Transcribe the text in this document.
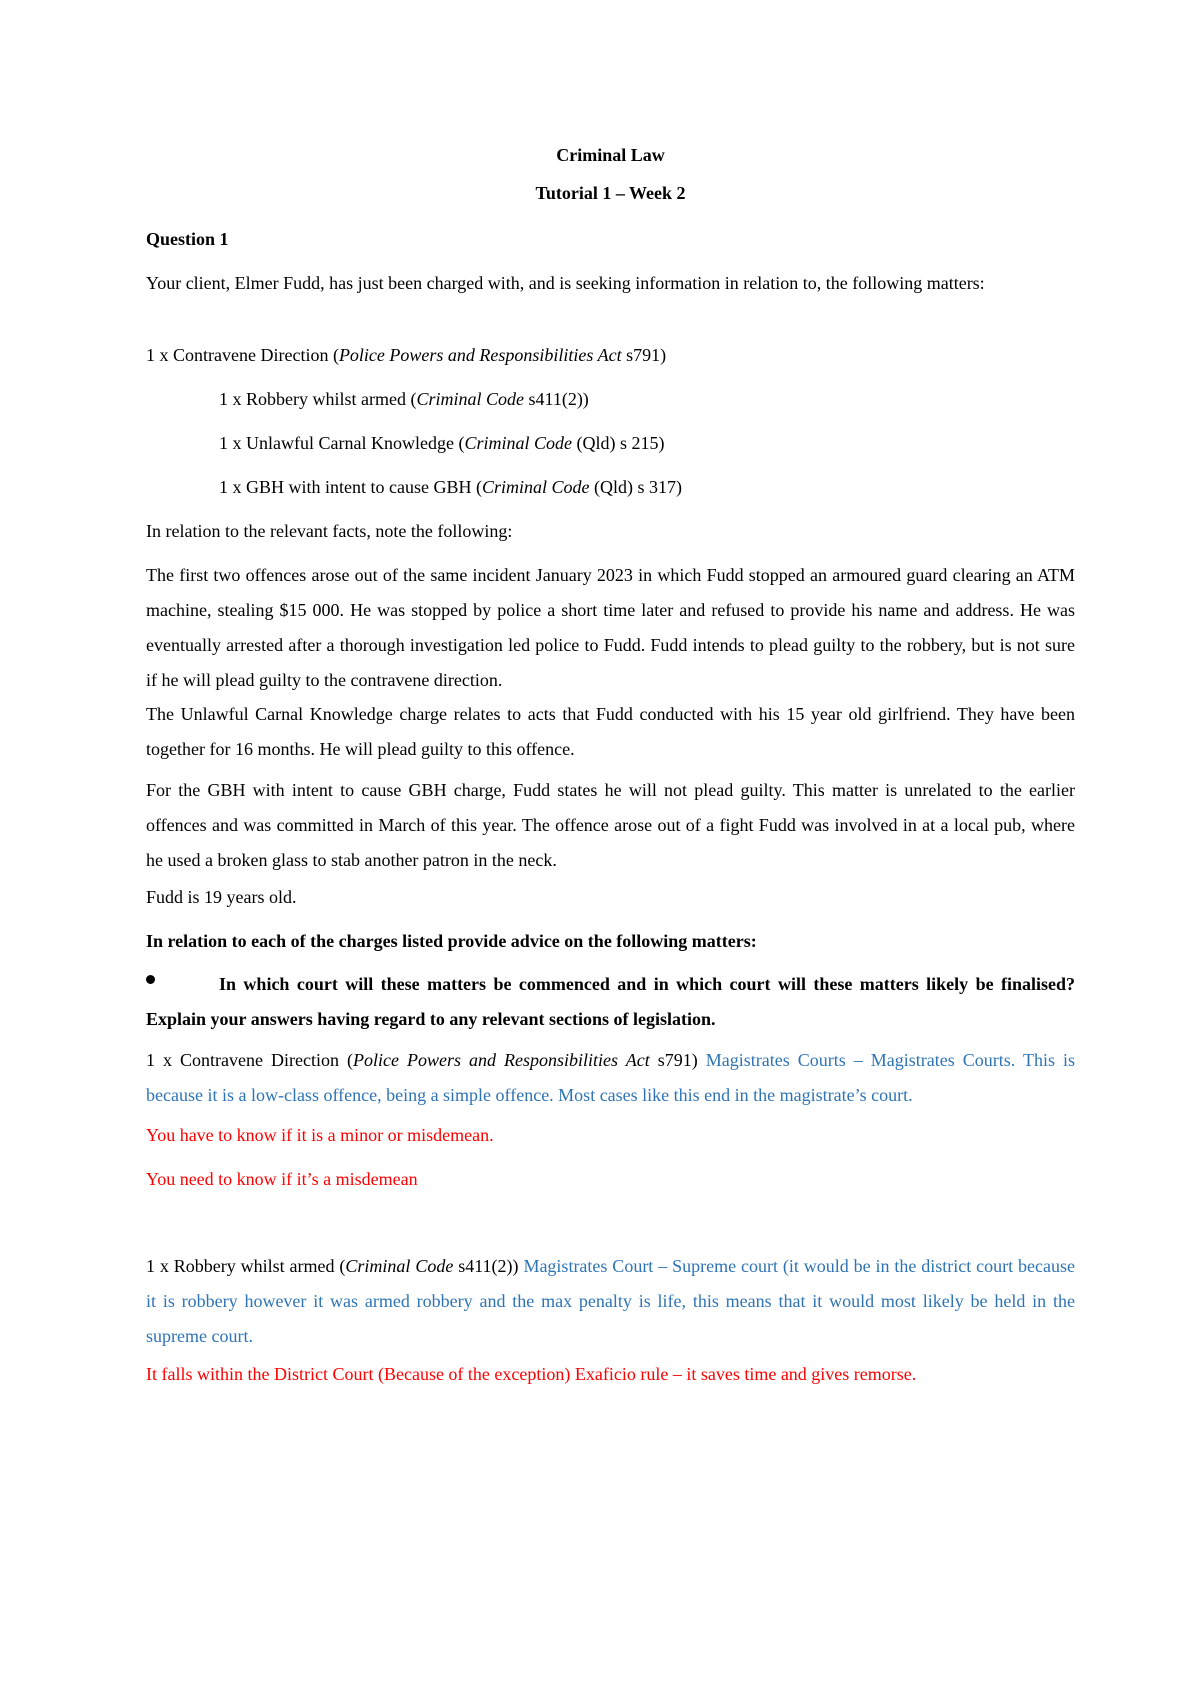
Criminal Law

Tutorial 1 – Week 2

Question 1

Your client, Elmer Fudd, has just been charged with, and is seeking information in relation to, the following matters:

1 x Contravene Direction (Police Powers and Responsibilities Act s791)

1 x Robbery whilst armed (Criminal Code s411(2))

1 x Unlawful Carnal Knowledge (Criminal Code (Qld) s 215)

1 x GBH with intent to cause GBH (Criminal Code (Qld) s 317)

In relation to the relevant facts, note the following:

The first two offences arose out of the same incident January 2023 in which Fudd stopped an armoured guard clearing an ATM machine, stealing $15 000. He was stopped by police a short time later and refused to provide his name and address. He was eventually arrested after a thorough investigation led police to Fudd. Fudd intends to plead guilty to the robbery, but is not sure if he will plead guilty to the contravene direction.

The Unlawful Carnal Knowledge charge relates to acts that Fudd conducted with his 15 year old girlfriend. They have been together for 16 months. He will plead guilty to this offence.

For the GBH with intent to cause GBH charge, Fudd states he will not plead guilty. This matter is unrelated to the earlier offences and was committed in March of this year. The offence arose out of a fight Fudd was involved in at a local pub, where he used a broken glass to stab another patron in the neck.

Fudd is 19 years old.

In relation to each of the charges listed provide advice on the following matters:

In which court will these matters be commenced and in which court will these matters likely be finalised? Explain your answers having regard to any relevant sections of legislation.

1 x Contravene Direction (Police Powers and Responsibilities Act s791) Magistrates Courts – Magistrates Courts. This is because it is a low-class offence, being a simple offence. Most cases like this end in the magistrate’s court.

You have to know if it is a minor or misdemean.

You need to know if it’s a misdemean

1 x Robbery whilst armed (Criminal Code s411(2)) Magistrates Court – Supreme court (it would be in the district court because it is robbery however it was armed robbery and the max penalty is life, this means that it would most likely be held in the supreme court.

It falls within the District Court (Because of the exception) Exaficio rule – it saves time and gives remorse.
